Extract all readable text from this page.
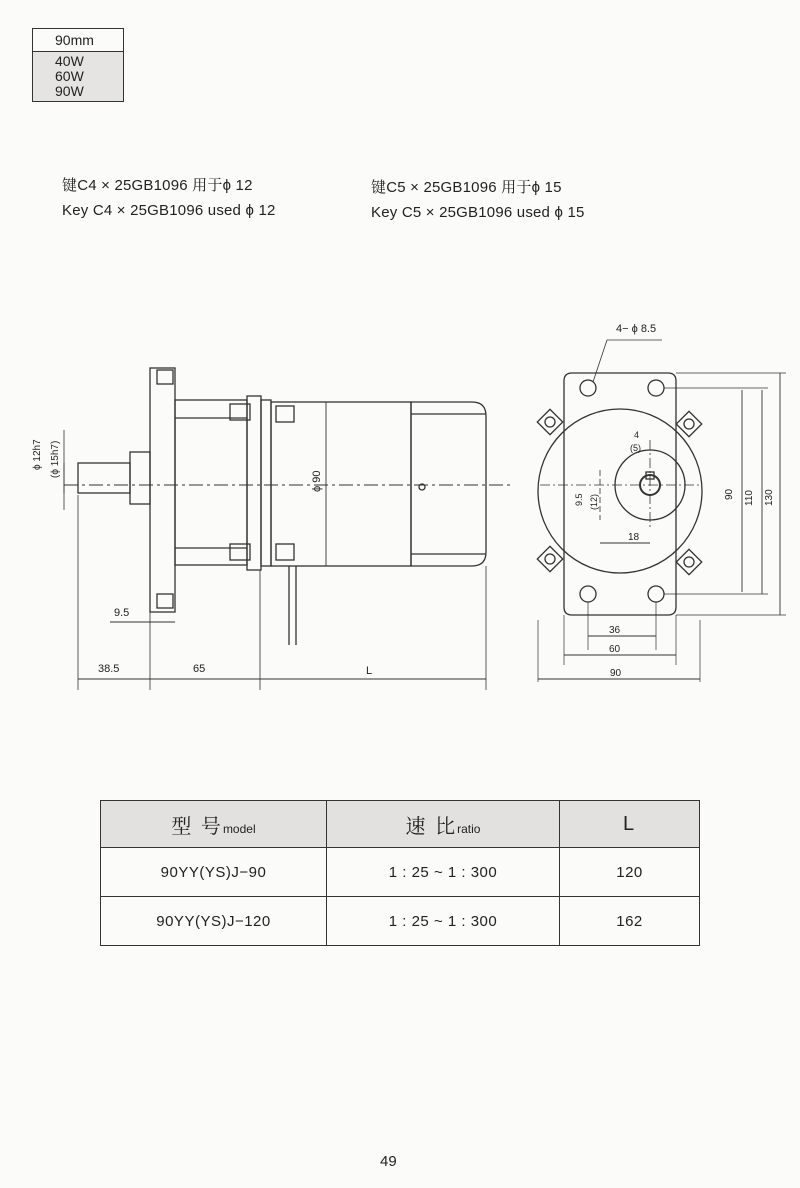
90mm
40W
60W
90W
键C4 × 25GB1096 用于ϕ 12
Key C4 × 25GB1096 used ϕ 12
键C5 × 25GB1096 用于ϕ 15
Key C5 × 25GB1096 used ϕ 15
ϕ 12h7 (ϕ 15h7)
ϕ 90
9.5
38.5	65	L
4− ϕ 8.5
4
(5)
9.5 (12)
18
36
60
90
90 110 130
型 号model	速 比ratio	L
90YY(YS)J−90	1 : 25 ~ 1 : 300	120
90YY(YS)J−120	1 : 25 ~ 1 : 300	162
49
